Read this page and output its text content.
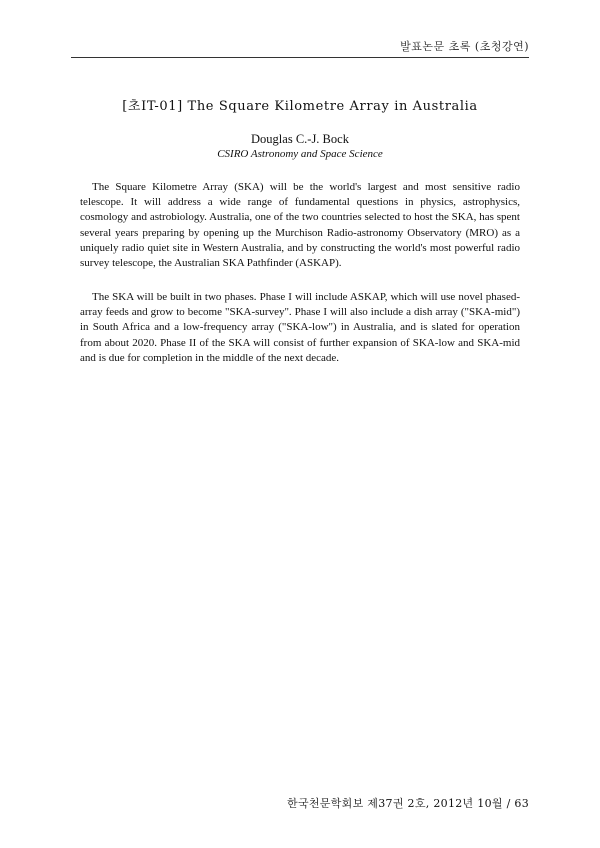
발표논문 초록 (초청강연)
[초IT-01] The Square Kilometre Array in Australia
Douglas C.-J. Bock
CSIRO Astronomy and Space Science

The Square Kilometre Array (SKA) will be the world's largest and most sensitive radio telescope. It will address a wide range of fundamental questions in physics, astrophysics, cosmology and astrobiology. Australia, one of the two countries selected to host the SKA, has spent several years preparing by opening up the Murchison Radio-astronomy Observatory (MRO) as a uniquely radio quiet site in Western Australia, and by constructing the world's most powerful radio survey telescope, the Australian SKA Pathfinder (ASKAP).

The SKA will be built in two phases. Phase I will include ASKAP, which will use novel phased-array feeds and grow to become "SKA-survey". Phase I will also include a dish array ("SKA-mid") in South Africa and a low-frequency array ("SKA-low") in Australia, and is slated for operation from about 2020. Phase II of the SKA will consist of further expansion of SKA-low and SKA-mid and is due for completion in the middle of the next decade.

한국천문학회보 제37권 2호, 2012년 10월 / 63
